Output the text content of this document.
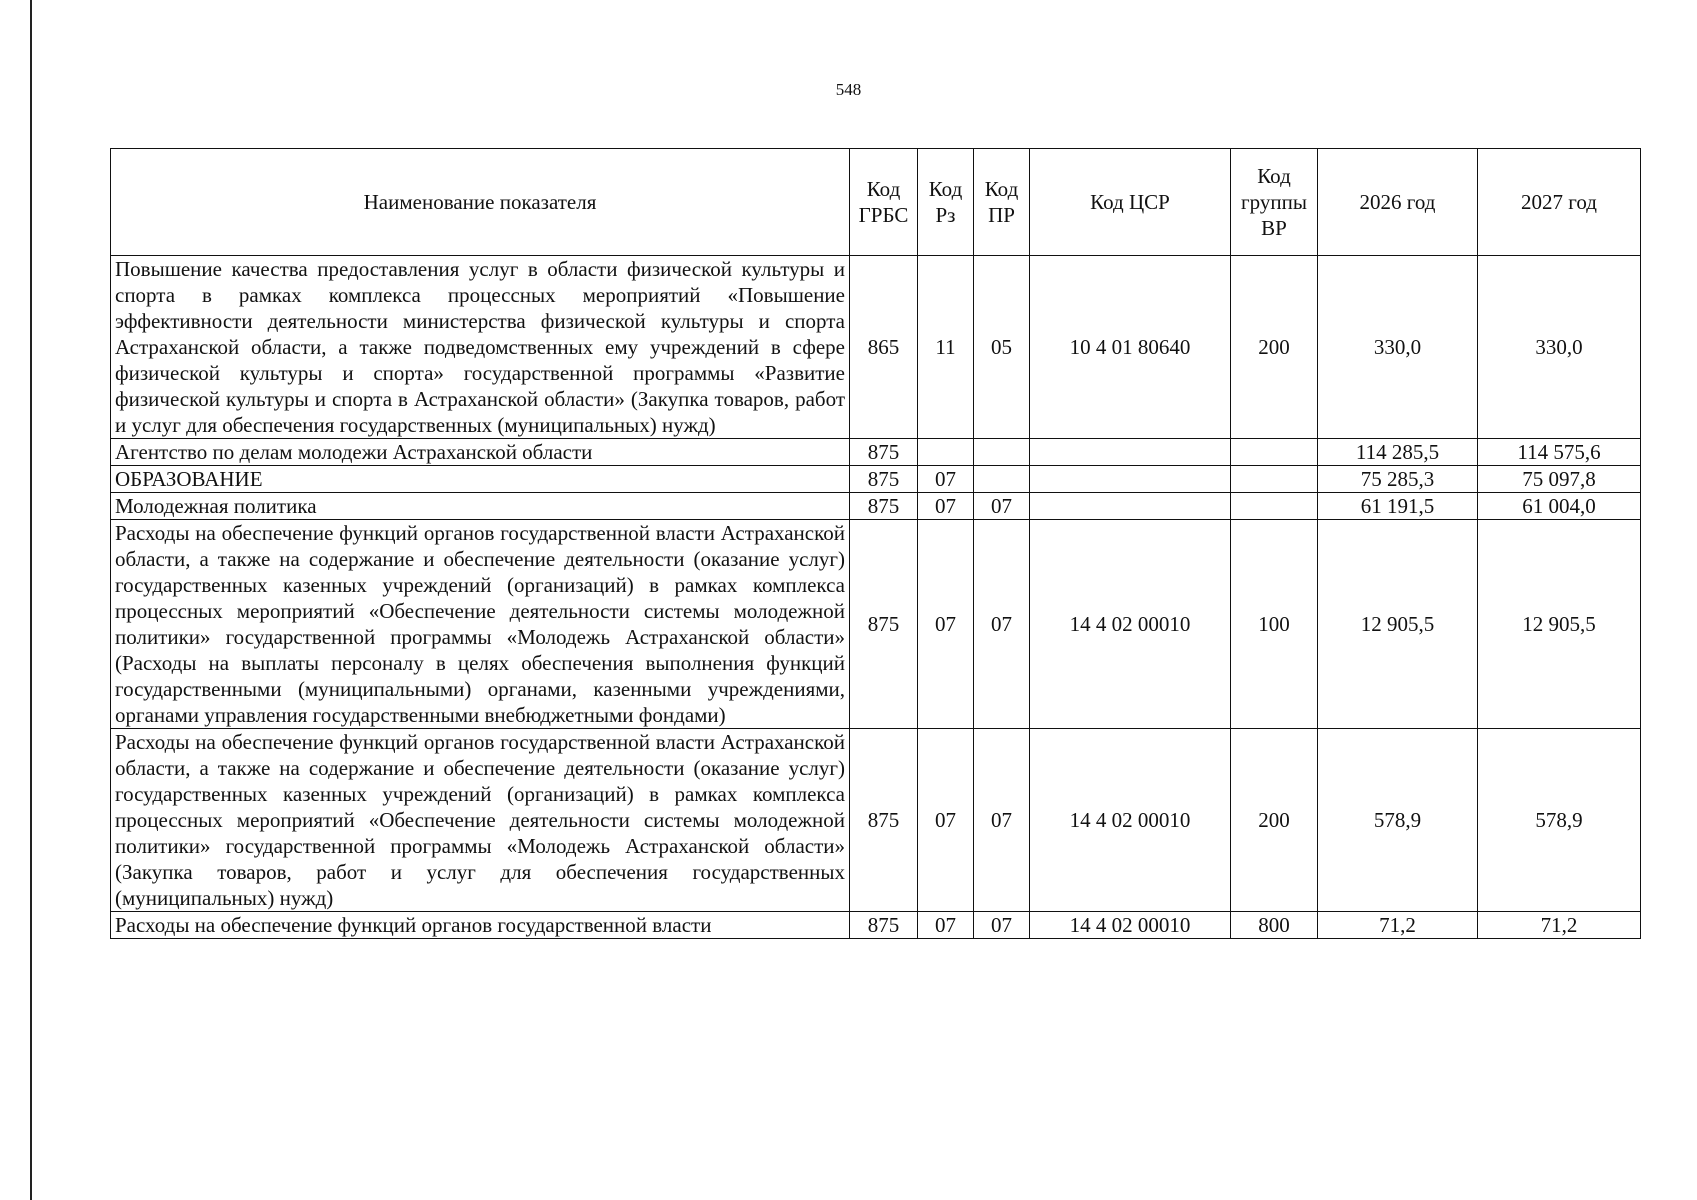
548
Наименование показателя	Код ГРБС	Код Рз	Код ПР	Код ЦСР	Код группы ВР	2026 год	2027 год
Повышение качества предоставления услуг в области физической культуры и спорта в рамках комплекса процессных мероприятий «Повышение эффективности деятельности министерства физической культуры и спорта Астраханской области, а также подведомственных ему учреждений в сфере физической культуры и спорта» государственной программы «Развитие физической культуры и спорта в Астраханской области» (Закупка товаров, работ и услуг для обеспечения государственных (муниципальных) нужд)	865	11	05	10 4 01 80640	200	330,0	330,0
Агентство по делам молодежи Астраханской области	875					114 285,5	114 575,6
ОБРАЗОВАНИЕ	875	07				75 285,3	75 097,8
Молодежная политика	875	07	07			61 191,5	61 004,0
Расходы на обеспечение функций органов государственной власти Астраханской области, а также на содержание и обеспечение деятельности (оказание услуг) государственных казенных учреждений (организаций) в рамках комплекса процессных мероприятий «Обеспечение деятельности системы молодежной политики» государственной программы «Молодежь Астраханской области» (Расходы на выплаты персоналу в целях обеспечения выполнения функций государственными (муниципальными) органами, казенными учреждениями, органами управления государственными внебюджетными фондами)	875	07	07	14 4 02 00010	100	12 905,5	12 905,5
Расходы на обеспечение функций органов государственной власти Астраханской области, а также на содержание и обеспечение деятельности (оказание услуг) государственных казенных учреждений (организаций) в рамках комплекса процессных мероприятий «Обеспечение деятельности системы молодежной политики» государственной программы «Молодежь Астраханской области» (Закупка товаров, работ и услуг для обеспечения государственных (муниципальных) нужд)	875	07	07	14 4 02 00010	200	578,9	578,9
Расходы на обеспечение функций органов государственной власти	875	07	07	14 4 02 00010	800	71,2	71,2
